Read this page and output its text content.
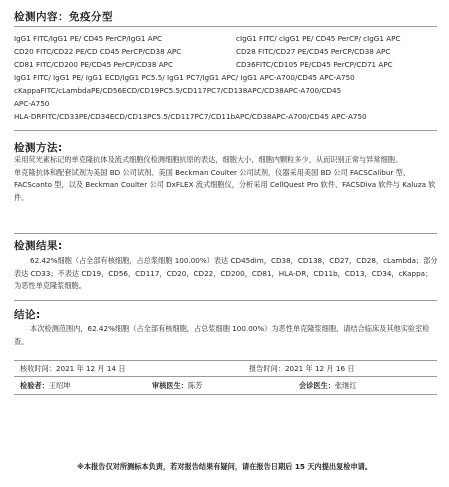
检测内容：免疫分型
IgG1 FITC/IgG1 PE/ CD45 PerCP/IgG1 APC	cIgG1 FITC/ cIgG1 PE/ CD45 PerCP/ cIgG1 APC
CD20 FITC/CD22 PE/CD CD45 PerCP/CD38 APC	CD28 FITC/CD27 PE/CD45 PerCP/CD38 APC
CD81 FITC/CD200 PE/CD45 PerCP/CD38 APC	CD36FITC/CD105 PE/CD45 PerCP/CD71 APC
IgG1 FITC/ IgG1 PE/ IgG1 ECD/IgG1 PC5.5/ IgG1 PC7/IgG1 APC/ IgG1 APC-A700/CD45 APC-A750
cKappaFITC/cLambdaPE/CD56ECD/CD19PC5.5/CD117PC7/CD138APC/CD38APC-A700/CD45
APC-A750
HLA-DRFITC/CD33PE/CD34ECD/CD13PC5.5/CD117PC7/CD11bAPC/CD38APC-A700/CD45 APC-A750
检测方法:

采用荧光素标记的单克隆抗体及流式细胞仪检测细胞抗原的表达，细胞大小，细胞内颗粒多少，从而识别正常与异常细胞。

单克隆抗体和配套试剂为美国 BD 公司试剂、美国 Beckman Coulter 公司试剂，仪器采用美国 BD 公司 FACSCalibur 型、FACScanto 型，以及 Beckman Coulter 公司 DxFLEX 流式细胞仪，分析采用 CellQuest Pro 软件、FACSDiva 软件与 Kaluza 软件。

检测结果:
62.42%细胞（占全部有核细胞，占总浆细胞 100.00%）表达 CD45dim，CD38，CD138，CD27，CD28，cLambda；部分表达 CD33；不表达 CD19，CD56，CD117，CD20，CD22，CD200，CD81，HLA-DR，CD11b，CD13，CD34，cKappa；为恶性单克隆浆细胞。
结论:
本次检测范围内，62.42%细胞（占全部有核细胞，占总浆细胞 100.00%）为恶性单克隆浆细胞，请结合临床及其他实验室检查。
核收时间：2021 年 12 月 14 日	报告时间：2021 年 12 月 16 日
检验者：王绍坤	审核医生：陈芳	会诊医生：张继红
※本报告仅对所测标本负责，若对报告结果有疑问，请在报告日期后 15 天内提出复检申请。
